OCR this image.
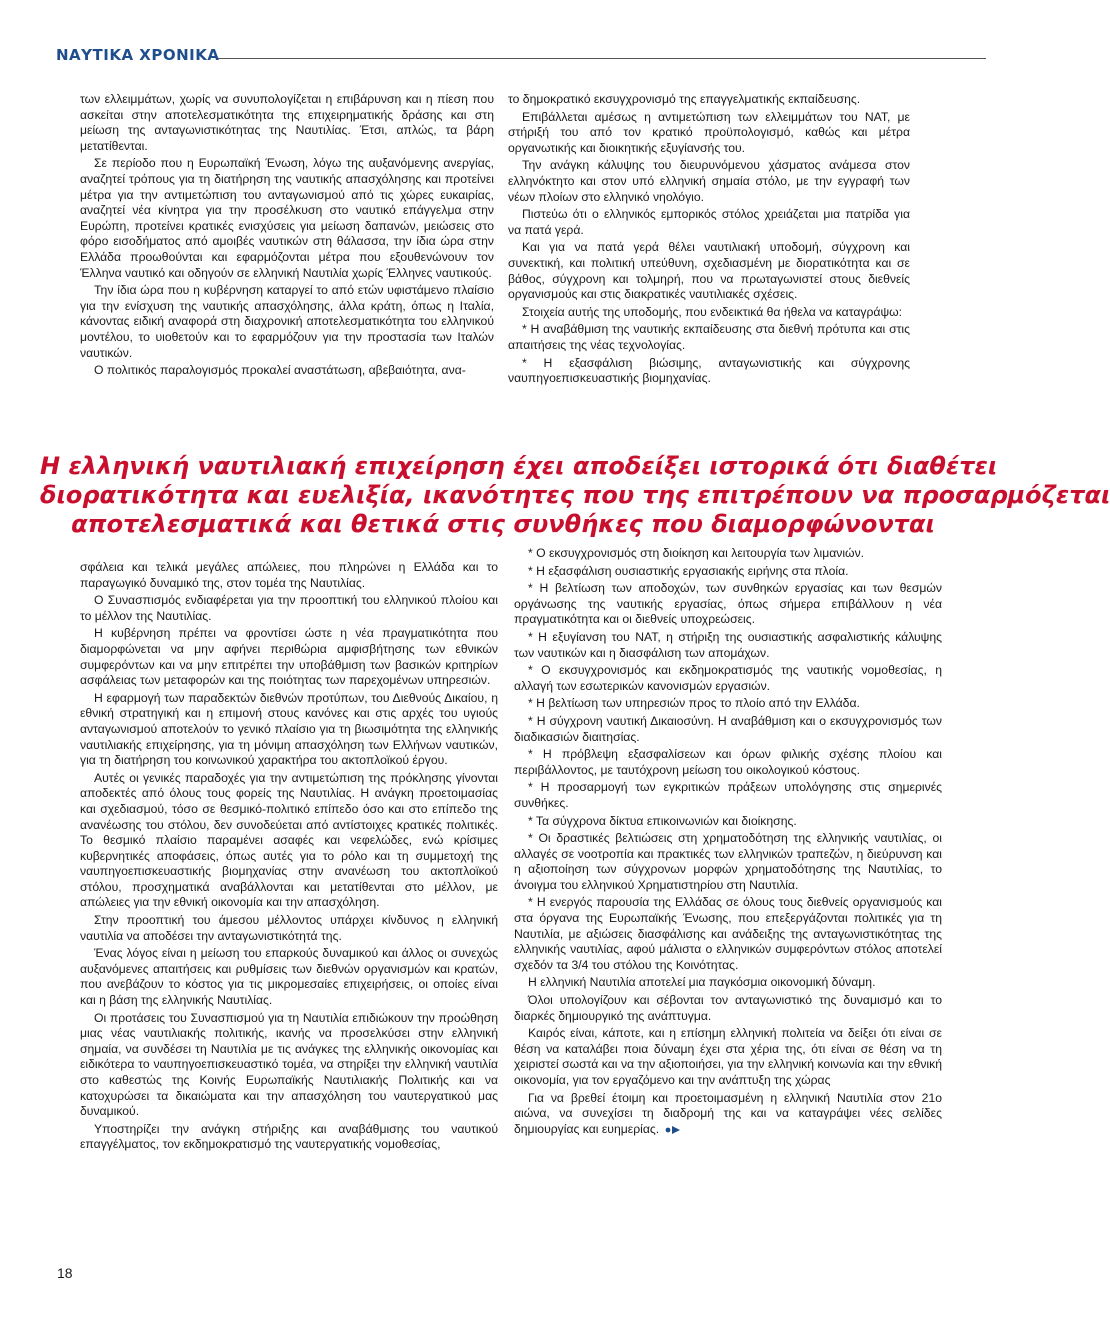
ΝΑΥΤΙΚΑ ΧΡΟΝΙΚΑ

των ελλειμμάτων, χωρίς να συνυπολογίζεται η επιβάρυνση και η πίεση που ασκείται στην αποτελεσματικότητα της επιχειρηματικής δράσης και στη μείωση της ανταγωνιστικότητας της Ναυτιλίας. Έτσι, απλώς, τα βάρη μετατίθενται.

Σε περίοδο που η Ευρωπαϊκή Ένωση, λόγω της αυξανόμενης ανεργίας, αναζητεί τρόπους για τη διατήρηση της ναυτικής απασχόλησης και προτείνει μέτρα για την αντιμετώπιση του ανταγωνισμού από τις χώρες ευκαιρίας, αναζητεί νέα κίνητρα για την προσέλκυση στο ναυτικό επάγγελμα στην Ευρώπη, προτείνει κρατικές ενισχύσεις για μείωση δαπανών, μειώσεις στο φόρο εισοδήματος από αμοιβές ναυτικών στη θάλασσα, την ίδια ώρα στην Ελλάδα προωθούνται και εφαρμόζονται μέτρα που εξουθενώνουν τον Έλληνα ναυτικό και οδηγούν σε ελληνική Ναυτιλία χωρίς Έλληνες ναυτικούς.

Την ίδια ώρα που η κυβέρνηση καταργεί το από ετών υφιστάμενο πλαίσιο για την ενίσχυση της ναυτικής απασχόλησης, άλλα κράτη, όπως η Ιταλία, κάνοντας ειδική αναφορά στη διαχρονική αποτελεσματικότητα του ελληνικού μοντέλου, το υιοθετούν και το εφαρμόζουν για την προστασία των Ιταλών ναυτικών.

Ο πολιτικός παραλογισμός προκαλεί αναστάτωση, αβεβαιότητα, ανα-

το δημοκρατικό εκσυγχρονισμό της επαγγελματικής εκπαίδευσης.

Επιβάλλεται αμέσως η αντιμετώπιση των ελλειμμάτων του ΝΑΤ, με στήριξή του από τον κρατικό προϋπολογισμό, καθώς και μέτρα οργανωτικής και διοικητικής εξυγίανσής του.

Την ανάγκη κάλυψης του διευρυνόμενου χάσματος ανάμεσα στον ελληνόκτητο και στον υπό ελληνική σημαία στόλο, με την εγγραφή των νέων πλοίων στο ελληνικό νηολόγιο.

Πιστεύω ότι ο ελληνικός εμπορικός στόλος χρειάζεται μια πατρίδα για να πατά γερά.

Και για να πατά γερά θέλει ναυτιλιακή υποδομή, σύγχρονη και συνεκτική, και πολιτική υπεύθυνη, σχεδιασμένη με διορατικότητα και σε βάθος, σύγχρονη και τολμηρή, που να πρωταγωνιστεί στους διεθνείς οργανισμούς και στις διακρατικές ναυτιλιακές σχέσεις.

Στοιχεία αυτής της υποδομής, που ενδεικτικά θα ήθελα να καταγράψω:

* Η αναβάθμιση της ναυτικής εκπαίδευσης στα διεθνή πρότυπα και στις απαιτήσεις της νέας τεχνολογίας.

* Η εξασφάλιση βιώσιμης, ανταγωνιστικής και σύγχρονης ναυπηγοεπισκευαστικής βιομηχανίας.

Η ελληνική ναυτιλιακή επιχείρηση έχει αποδείξει ιστορικά ότι διαθέτει
διορατικότητα και ευελιξία, ικανότητες που της επιτρέπουν να προσαρμόζεται
αποτελεσματικά και θετικά στις συνθήκες που διαμορφώνονται

σφάλεια και τελικά μεγάλες απώλειες, που πληρώνει η Ελλάδα και το παραγωγικό δυναμικό της, στον τομέα της Ναυτιλίας.

Ο Συνασπισμός ενδιαφέρεται για την προοπτική του ελληνικού πλοίου και το μέλλον της Ναυτιλίας.

Η κυβέρνηση πρέπει να φροντίσει ώστε η νέα πραγματικότητα που διαμορφώνεται να μην αφήνει περιθώρια αμφισβήτησης των εθνικών συμφερόντων και να μην επιτρέπει την υποβάθμιση των βασικών κριτηρίων ασφάλειας των μεταφορών και της ποιότητας των παρεχομένων υπηρεσιών.

Η εφαρμογή των παραδεκτών διεθνών προτύπων, του Διεθνούς Δικαίου, η εθνική στρατηγική και η επιμονή στους κανόνες και στις αρχές του υγιούς ανταγωνισμού αποτελούν το γενικό πλαίσιο για τη βιωσιμότητα της ελληνικής ναυτιλιακής επιχείρησης, για τη μόνιμη απασχόληση των Ελλήνων ναυτικών, για τη διατήρηση του κοινωνικού χαρακτήρα του ακτοπλοϊκού έργου.

Αυτές οι γενικές παραδοχές για την αντιμετώπιση της πρόκλησης γίνονται αποδεκτές από όλους τους φορείς της Ναυτιλίας. Η ανάγκη προετοιμασίας και σχεδιασμού, τόσο σε θεσμικό-πολιτικό επίπεδο όσο και στο επίπεδο της ανανέωσης του στόλου, δεν συνοδεύεται από αντίστοιχες κρατικές πολιτικές. Το θεσμικό πλαίσιο παραμένει ασαφές και νεφελώδες, ενώ κρίσιμες κυβερνητικές αποφάσεις, όπως αυτές για το ρόλο και τη συμμετοχή της ναυπηγοεπισκευαστικής βιομηχανίας στην ανανέωση του ακτοπλοϊκού στόλου, προσχηματικά αναβάλλονται και μετατίθενται στο μέλλον, με απώλειες για την εθνική οικονομία και την απασχόληση.

Στην προοπτική του άμεσου μέλλοντος υπάρχει κίνδυνος η ελληνική ναυτιλία να αποδέσει την ανταγωνιστικότητά της.

Ένας λόγος είναι η μείωση του επαρκούς δυναμικού και άλλος οι συνεχώς αυξανόμενες απαιτήσεις και ρυθμίσεις των διεθνών οργανισμών και κρατών, που ανεβάζουν το κόστος για τις μικρομεσαίες επιχειρήσεις, οι οποίες είναι και η βάση της ελληνικής Ναυτιλίας.

Οι προτάσεις του Συνασπισμού για τη Ναυτιλία επιδιώκουν την προώθηση μιας νέας ναυτιλιακής πολιτικής, ικανής να προσελκύσει στην ελληνική σημαία, να συνδέσει τη Ναυτιλία με τις ανάγκες της ελληνικής οικονομίας και ειδικότερα το ναυπηγοεπισκευαστικό τομέα, να στηρίξει την ελληνική ναυτιλία στο καθεστώς της Κοινής Ευρωπαϊκής Ναυτιλιακής Πολιτικής και να κατοχυρώσει τα δικαιώματα και την απασχόληση του ναυτεργατικού μας δυναμικού.

Υποστηρίζει την ανάγκη στήριξης και αναβάθμισης του ναυτικού επαγγέλματος, τον εκδημοκρατισμό της ναυτεργατικής νομοθεσίας,

* Ο εκσυγχρονισμός στη διοίκηση και λειτουργία των λιμανιών.

* Η εξασφάλιση ουσιαστικής εργασιακής ειρήνης στα πλοία.

* Η βελτίωση των αποδοχών, των συνθηκών εργασίας και των θεσμών οργάνωσης της ναυτικής εργασίας, όπως σήμερα επιβάλλουν η νέα πραγματικότητα και οι διεθνείς υποχρεώσεις.

* Η εξυγίανση του ΝΑΤ, η στήριξη της ουσιαστικής ασφαλιστικής κάλυψης των ναυτικών και η διασφάλιση των απομάχων.

* Ο εκσυγχρονισμός και εκδημοκρατισμός της ναυτικής νομοθεσίας, η αλλαγή των εσωτερικών κανονισμών εργασιών.

* Η βελτίωση των υπηρεσιών προς το πλοίο από την Ελλάδα.

* Η σύγχρονη ναυτική Δικαιοσύνη. Η αναβάθμιση και ο εκσυγχρονισμός των διαδικασιών διαιτησίας.

* Η πρόβλεψη εξασφαλίσεων και όρων φιλικής σχέσης πλοίου και περιβάλλοντος, με ταυτόχρονη μείωση του οικολογικού κόστους.

* Η προσαρμογή των εγκριτικών πράξεων υπολόγησης στις σημερινές συνθήκες.

* Τα σύγχρονα δίκτυα επικοινωνιών και διοίκησης.

* Οι δραστικές βελτιώσεις στη χρηματοδότηση της ελληνικής ναυτιλίας, οι αλλαγές σε νοοτροπία και πρακτικές των ελληνικών τραπεζών, η διεύρυνση και η αξιοποίηση των σύγχρονων μορφών χρηματοδότησης της Ναυτιλίας, το άνοιγμα του ελληνικού Χρηματιστηρίου στη Ναυτιλία.

* Η ενεργός παρουσία της Ελλάδας σε όλους τους διεθνείς οργανισμούς και στα όργανα της Ευρωπαϊκής Ένωσης, που επεξεργάζονται πολιτικές για τη Ναυτιλία, με αξιώσεις διασφάλισης και ανάδειξης της ανταγωνιστικότητας της ελληνικής ναυτιλίας, αφού μάλιστα ο ελληνικών συμφερόντων στόλος αποτελεί σχεδόν τα 3/4 του στόλου της Κοινότητας.

Η ελληνική Ναυτιλία αποτελεί μια παγκόσμια οικονομική δύναμη.

Όλοι υπολογίζουν και σέβονται τον ανταγωνιστικό της δυναμισμό και το διαρκές δημιουργικό της ανάπτυγμα.

Καιρός είναι, κάποτε, και η επίσημη ελληνική πολιτεία να δείξει ότι είναι σε θέση να καταλάβει ποια δύναμη έχει στα χέρια της, ότι είναι σε θέση να τη χειριστεί σωστά και να την αξιοποιήσει, για την ελληνική κοινωνία και την εθνική οικονομία, για τον εργαζόμενο και την ανάπτυξη της χώρας

Για να βρεθεί έτοιμη και προετοιμασμένη η ελληνική Ναυτιλία στον 21ο αιώνα, να συνεχίσει τη διαδρομή της και να καταγράψει νέες σελίδες δημιουργίας και ευημερίας.

18
